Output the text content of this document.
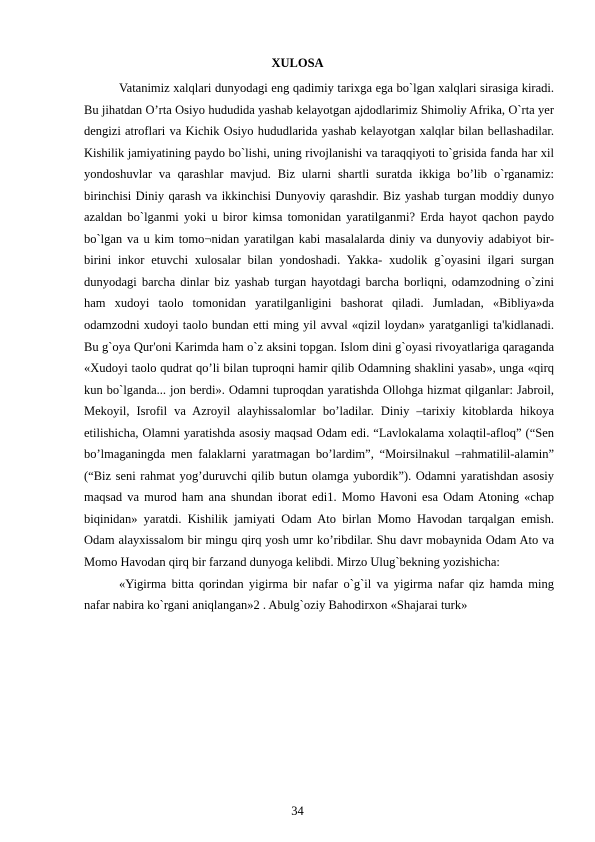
XULOSA

Vatanimiz xalqlari dunyodagi eng qadimiy tarixga ega bo`lgan xalqlari sirasiga kiradi. Bu jihatdan O’rta Osiyo hududida yashab kelayotgan ajdodlarimiz Shimoliy Afrika, O`rta yer dengizi atroflari va Kichik Osiyo hududlarida yashab kelayotgan xalqlar bilan bellashadilar. Kishilik jamiyatining paydo bo`lishi, uning rivojlanishi va taraqqiyoti to`grisida fanda har xil yondoshuvlar va qarashlar mavjud. Biz ularni shartli suratda ikkiga bo’lib o`rganamiz: birinchisi Diniy qarash va ikkinchisi Dunyoviy qarashdir. Biz yashab turgan moddiy dunyo azaldan bo`lganmi yoki u biror kimsa tomonidan yaratilganmi? Erda hayot qachon paydo bo`lgan va u kim tomo¬nidan yaratilgan kabi masalalarda diniy va dunyoviy adabiyot bir-birini inkor etuvchi xulosalar bilan yondoshadi. Yakka- xudolik g`oyasini ilgari surgan dunyodagi barcha dinlar biz yashab turgan hayotdagi barcha borliqni, odamzodning o`zini ham xudoyi taolo tomonidan yaratilganligini bashorat qiladi. Jumladan, «Bibliya»da odamzodni xudoyi taolo bundan etti ming yil avval «qizil loydan» yaratganligi ta'kidlanadi. Bu g`oya Qur'oni Karimda ham o`z aksini topgan. Islom dini g`oyasi rivoyatlariga qaraganda «Xudoyi taolo qudrat qo’li bilan tuproqni hamir qilib Odamning shaklini yasab», unga «qirq kun bo`lganda... jon berdi». Odamni tuproqdan yaratishda Ollohga hizmat qilganlar: Jabroil, Mekoyil, Isrofil va Azroyil alayhissalomlar bo’ladilar. Diniy –tarixiy kitoblarda hikoya etilishicha, Olamni yaratishda asosiy maqsad Odam edi. “Lavlokalama xolaqtil-afloq” (“Sen bo’lmaganingda men falaklarni yaratmagan bo’lardim”, “Moirsilnakul –rahmatilil-alamin” (“Biz seni rahmat yog’duruvchi qilib butun olamga yubordik”). Odamni yaratishdan asosiy maqsad va murod ham ana shundan iborat edi1. Momo Havoni esa Odam Atoning «chap biqinidan» yaratdi. Kishilik jamiyati Odam Ato birlan Momo Havodan tarqalgan emish. Odam alayxissalom bir mingu qirq yosh umr ko’ribdilar. Shu davr mobaynida Odam Ato va Momo Havodan qirq bir farzand dunyoga kelibdi. Mirzo Ulug`bekning yozishicha:

«Yigirma bitta qorindan yigirma bir nafar o`g`il va yigirma nafar qiz hamda ming nafar nabira ko`rgani aniqlangan»2 . Abulg`oziy Bahodirxon «Shajarai turk»

34
